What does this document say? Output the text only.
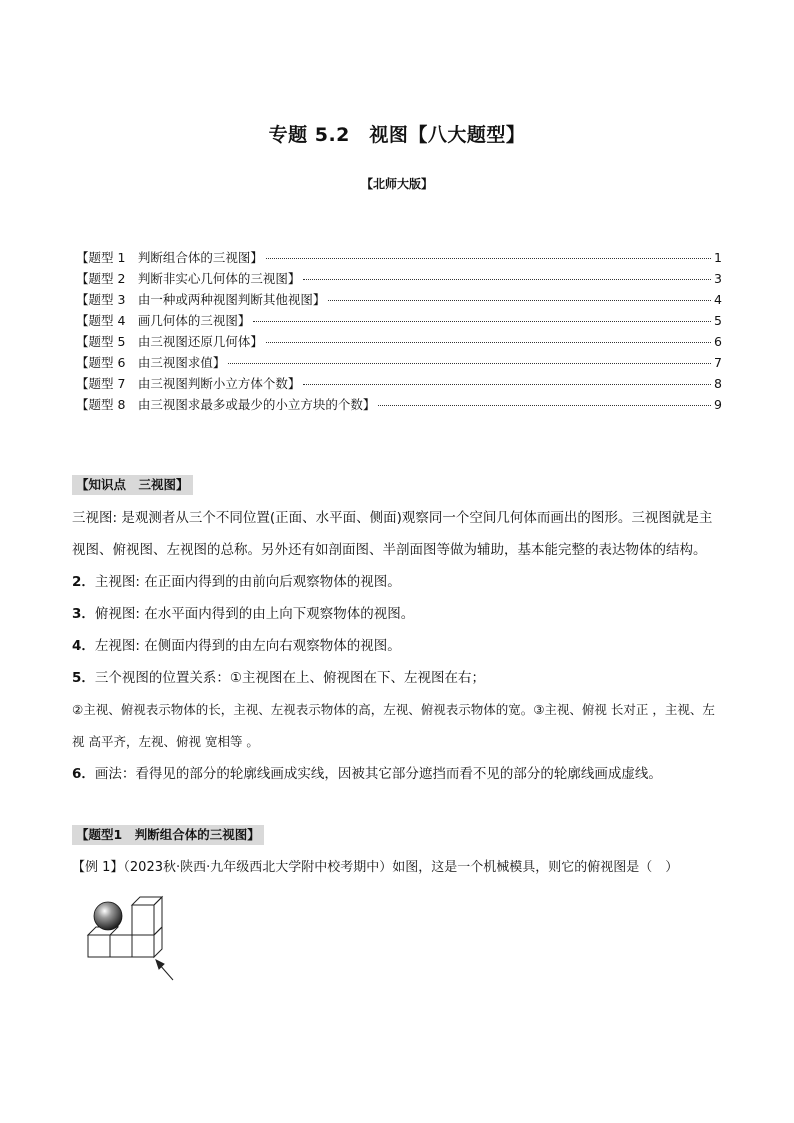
专题 5.2　视图【八大题型】
【北师大版】
【题型 1　判断组合体的三视图】	1
【题型 2　判断非实心几何体的三视图】	3
【题型 3　由一种或两种视图判断其他视图】	4
【题型 4　画几何体的三视图】	5
【题型 5　由三视图还原几何体】	6
【题型 6　由三视图求值】	7
【题型 7　由三视图判断小立方体个数】	8
【题型 8　由三视图求最多或最少的小立方块的个数】	9
【知识点　三视图】

三视图: 是观测者从三个不同位置(正面、水平面、侧面)观察同一个空间几何体而画出的图形。三视图就是主视图、俯视图、左视图的总称。另外还有如剖面图、半剖面图等做为辅助，基本能完整的表达物体的结构。

2．主视图: 在正面内得到的由前向后观察物体的视图。

3．俯视图: 在水平面内得到的由上向下观察物体的视图。

4．左视图: 在侧面内得到的由左向右观察物体的视图。

5．三个视图的位置关系：①主视图在上、俯视图在下、左视图在右；

②主视、俯视表示物体的长，主视、左视表示物体的高，左视、俯视表示物体的宽。③主视、俯视 长对正 ，主视、左视 高平齐，左视、俯视 宽相等 。

6．画法：看得见的部分的轮廓线画成实线，因被其它部分遮挡而看不见的部分的轮廓线画成虚线。

【题型1　判断组合体的三视图】
【例 1】（2023秋·陕西·九年级西北大学附中校考期中）如图，这是一个机械模具，则它的俯视图是（　）
